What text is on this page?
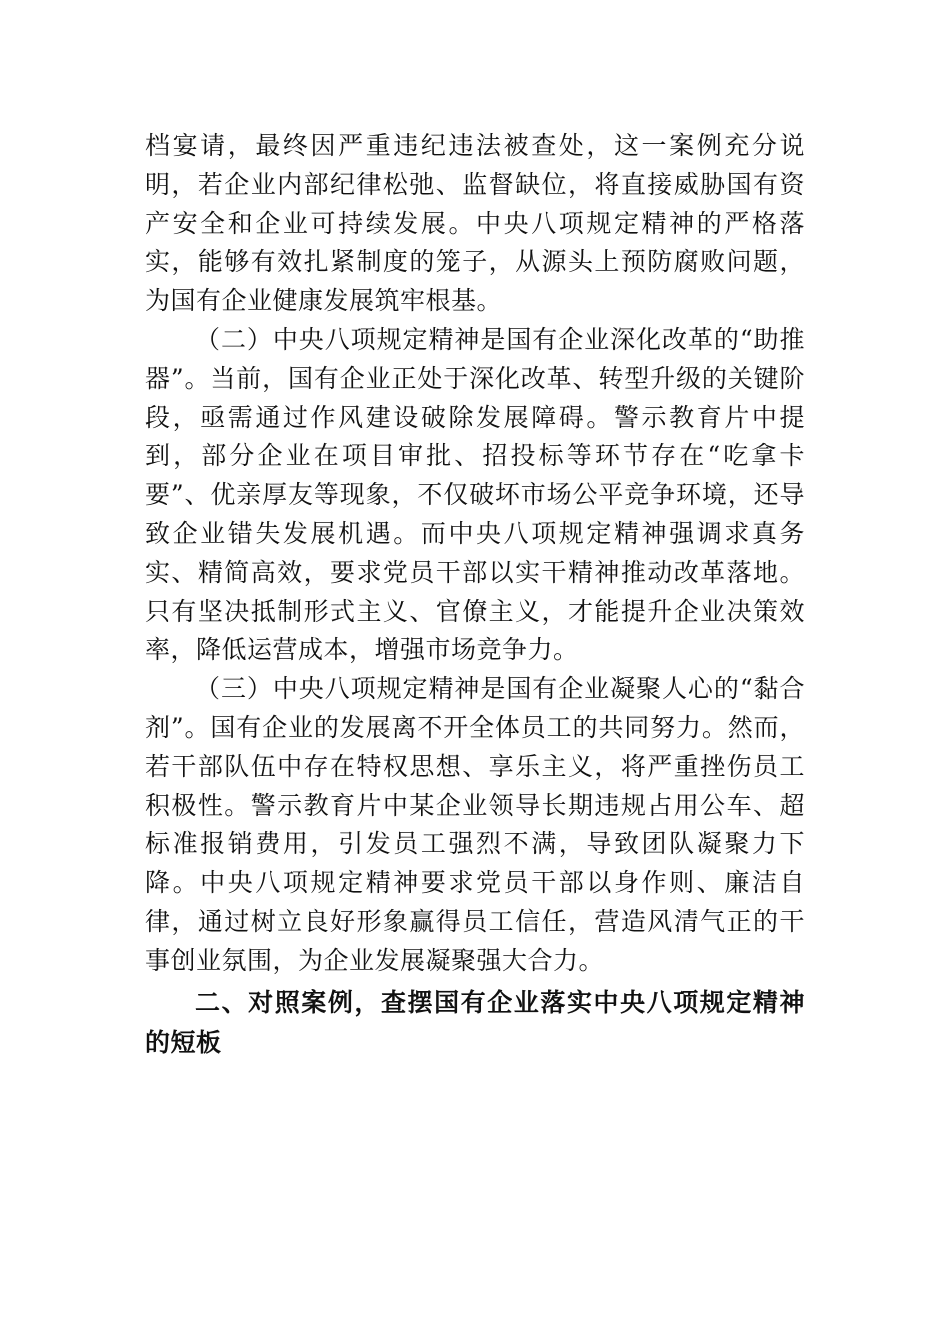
档宴请，最终因严重违纪违法被查处，这一案例充分说明，若企业内部纪律松弛、监督缺位，将直接威胁国有资产安全和企业可持续发展。中央八项规定精神的严格落实，能够有效扎紧制度的笼子，从源头上预防腐败问题，为国有企业健康发展筑牢根基。

（二）中央八项规定精神是国有企业深化改革的“助推器”。当前，国有企业正处于深化改革、转型升级的关键阶段，亟需通过作风建设破除发展障碍。警示教育片中提到，部分企业在项目审批、招投标等环节存在“吃拿卡要”、优亲厚友等现象，不仅破坏市场公平竞争环境，还导致企业错失发展机遇。而中央八项规定精神强调求真务实、精简高效，要求党员干部以实干精神推动改革落地。只有坚决抵制形式主义、官僚主义，才能提升企业决策效率，降低运营成本，增强市场竞争力。

（三）中央八项规定精神是国有企业凝聚人心的“黏合剂”。国有企业的发展离不开全体员工的共同努力。然而，若干部队伍中存在特权思想、享乐主义，将严重挫伤员工积极性。警示教育片中某企业领导长期违规占用公车、超标准报销费用，引发员工强烈不满，导致团队凝聚力下降。中央八项规定精神要求党员干部以身作则、廉洁自律，通过树立良好形象赢得员工信任，营造风清气正的干事创业氛围，为企业发展凝聚强大合力。

二、对照案例，查摆国有企业落实中央八项规定精神的短板
